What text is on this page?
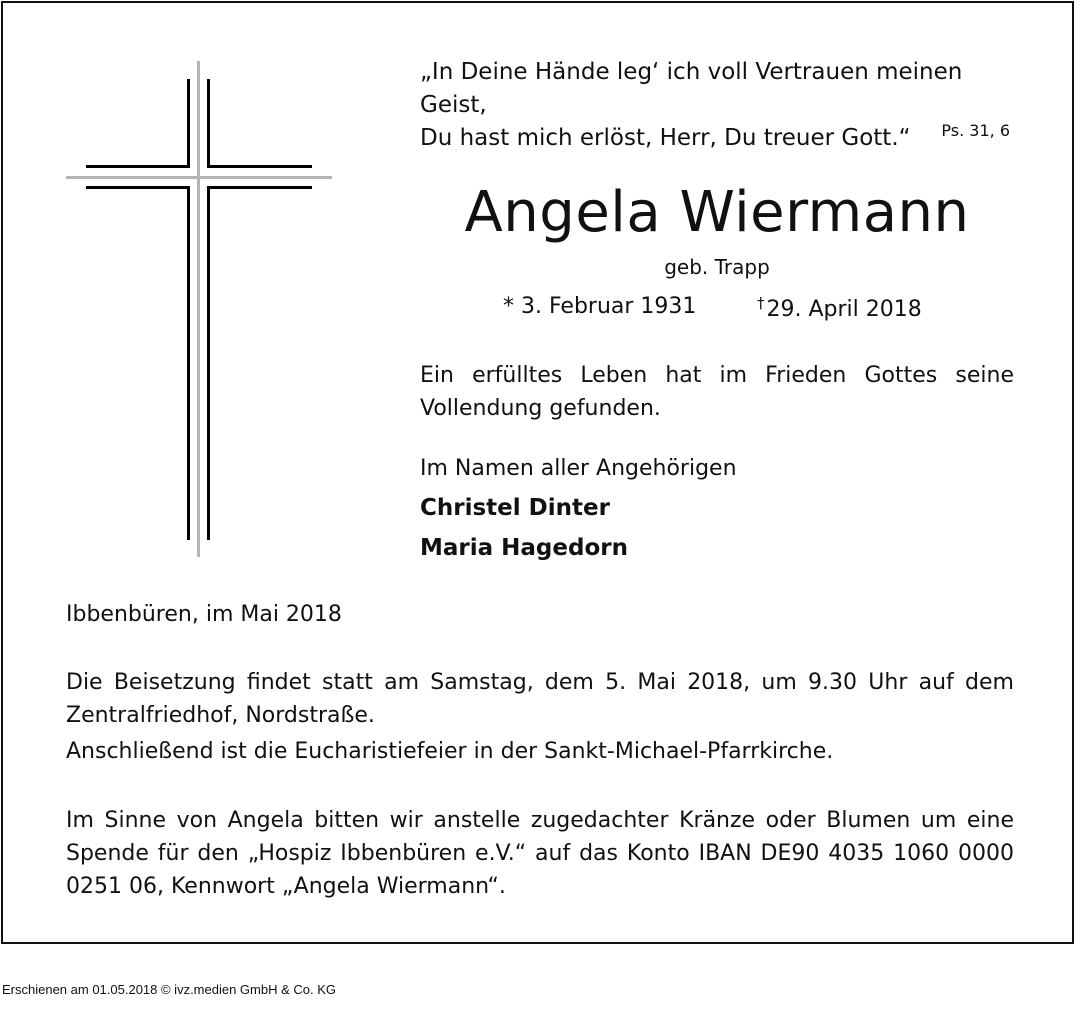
„In Deine Hände leg‘ ich voll Vertrauen meinen Geist,
Du hast mich erlöst, Herr, Du treuer Gott.“	Ps. 31, 6
Angela Wiermann
geb. Trapp
* 3. Februar 1931	†29. April 2018
Ein erfülltes Leben hat im Frieden Gottes seine Vollendung gefunden.
Im Namen aller Angehörigen
Christel Dinter
Maria Hagedorn
Ibbenbüren, im Mai 2018
Die Beisetzung findet statt am Samstag, dem 5. Mai 2018, um 9.30 Uhr auf dem Zentralfriedhof, Nordstraße.
Anschließend ist die Eucharistiefeier in der Sankt-Michael-Pfarrkirche.
Im Sinne von Angela bitten wir anstelle zugedachter Kränze oder Blumen um eine Spende für den „Hospiz Ibbenbüren e.V.“ auf das Konto IBAN DE90 4035 1060 0000 0251 06, Kennwort „Angela Wiermann“.
Erschienen am 01.05.2018 © ivz.medien GmbH & Co. KG
